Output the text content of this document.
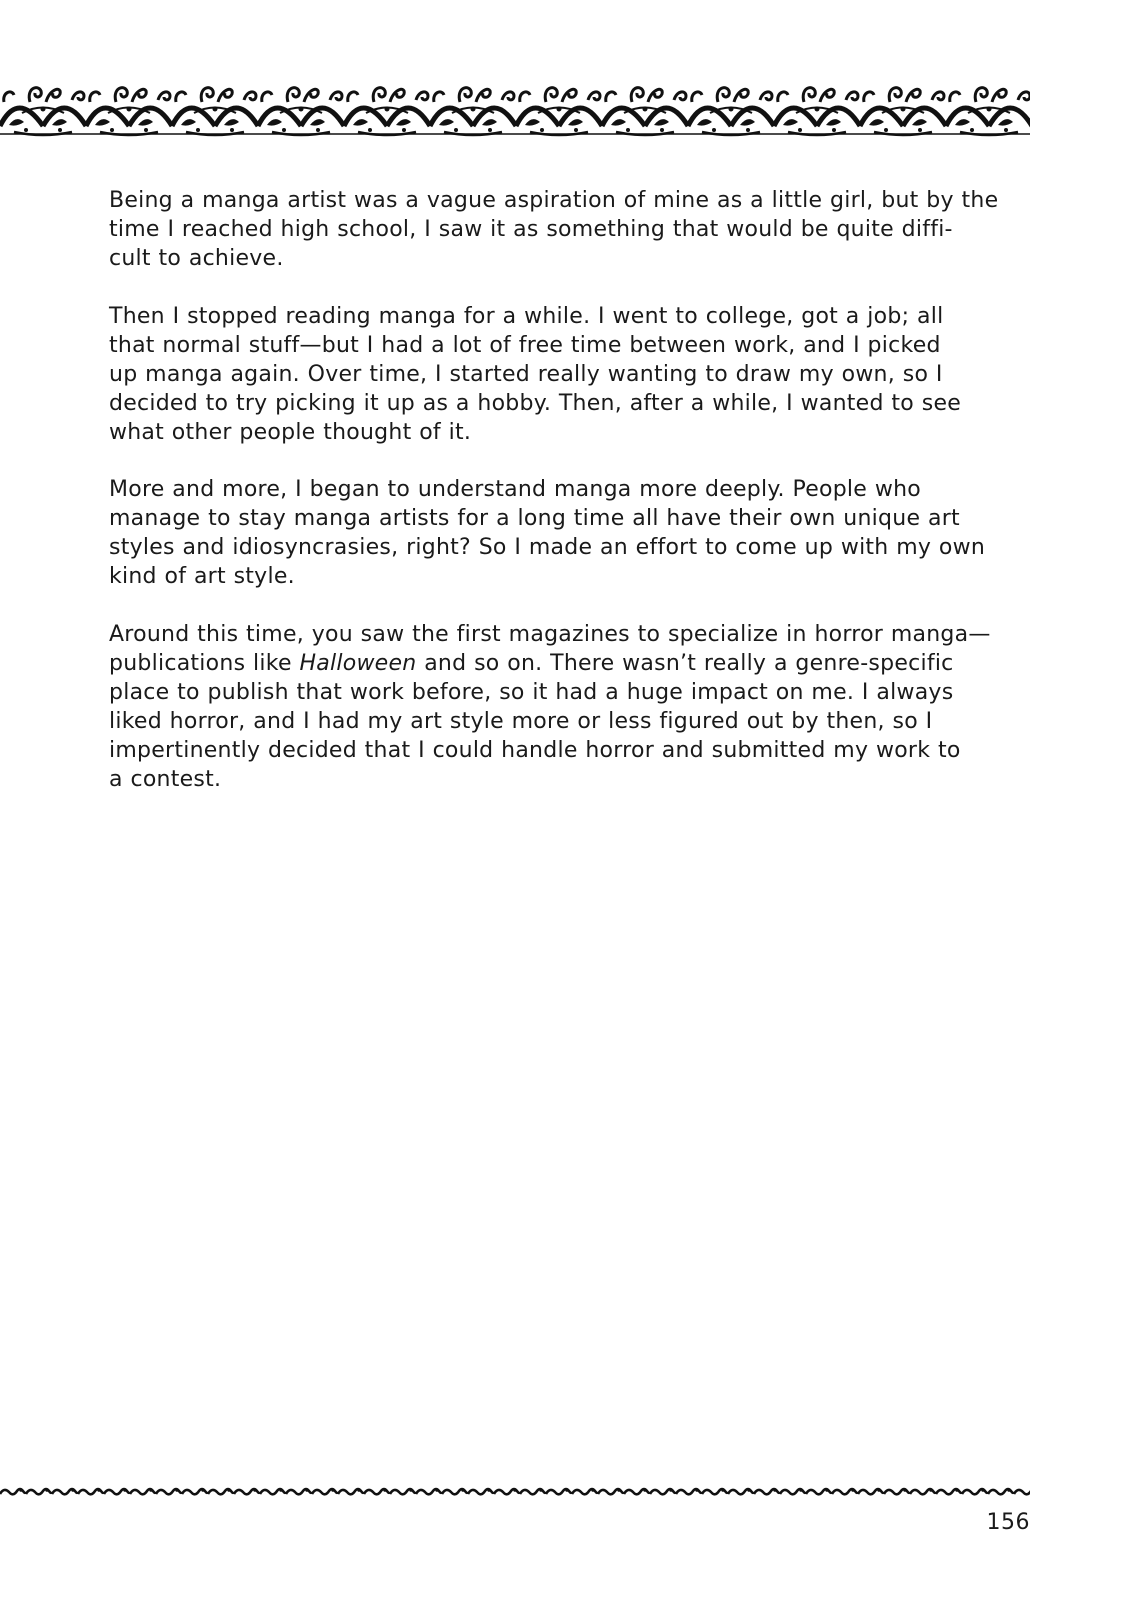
Being a manga artist was a vague aspiration of mine as a little girl, but by the
time I reached high school, I saw it as something that would be quite diffi-
cult to achieve.

Then I stopped reading manga for a while. I went to college, got a job; all
that normal stuff—but I had a lot of free time between work, and I picked
up manga again. Over time, I started really wanting to draw my own, so I
decided to try picking it up as a hobby. Then, after a while, I wanted to see
what other people thought of it.

More and more, I began to understand manga more deeply. People who
manage to stay manga artists for a long time all have their own unique art
styles and idiosyncrasies, right? So I made an effort to come up with my own
kind of art style.

Around this time, you saw the first magazines to specialize in horror manga—
publications like Halloween and so on. There wasn’t really a genre-specific
place to publish that work before, so it had a huge impact on me. I always
liked horror, and I had my art style more or less figured out by then, so I
impertinently decided that I could handle horror and submitted my work to
a contest.

156
